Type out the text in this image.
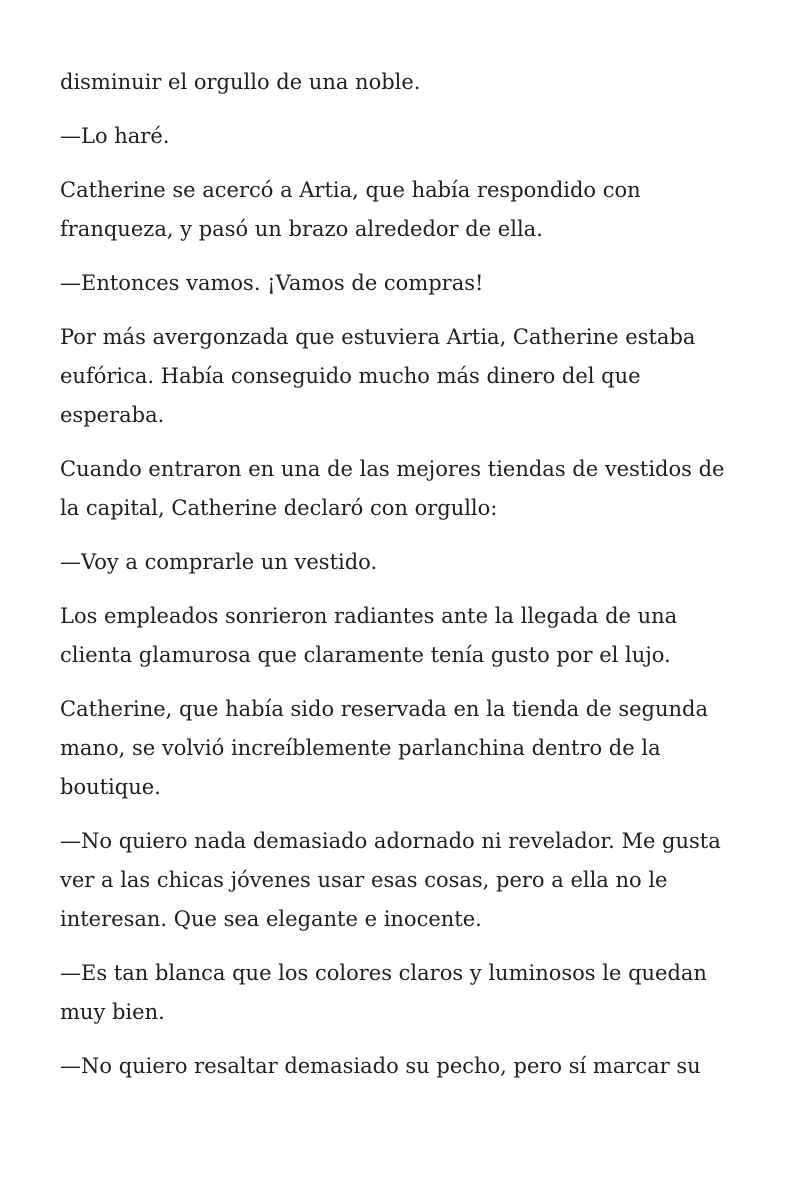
disminuir el orgullo de una noble.

—Lo haré.

Catherine se acercó a Artia, que había respondido con franqueza, y pasó un brazo alrededor de ella.

—Entonces vamos. ¡Vamos de compras!

Por más avergonzada que estuviera Artia, Catherine estaba eufórica. Había conseguido mucho más dinero del que esperaba.

Cuando entraron en una de las mejores tiendas de vestidos de la capital, Catherine declaró con orgullo:

—Voy a comprarle un vestido.

Los empleados sonrieron radiantes ante la llegada de una clienta glamurosa que claramente tenía gusto por el lujo.

Catherine, que había sido reservada en la tienda de segunda mano, se volvió increíblemente parlanchina dentro de la boutique.

—No quiero nada demasiado adornado ni revelador. Me gusta ver a las chicas jóvenes usar esas cosas, pero a ella no le interesan. Que sea elegante e inocente.

—Es tan blanca que los colores claros y luminosos le quedan muy bien.

—No quiero resaltar demasiado su pecho, pero sí marcar su
